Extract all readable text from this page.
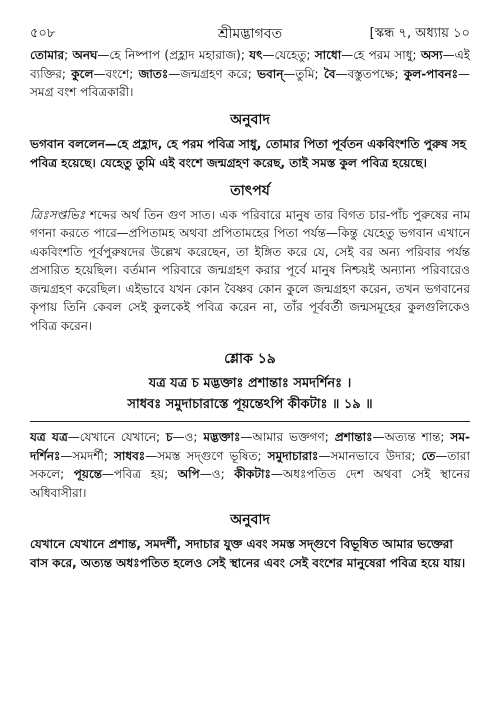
৫০৮	শ্রীমদ্ভাগবত	[স্কন্ধ ৭, অধ্যায় ১০

তোমার; অনঘ—হে নিষ্পাপ (প্রহ্লাদ মহারাজ); যৎ—যেহেতু; সাধো—হে পরম সাধু; অস্য—এই ব্যক্তির; কুলে—বংশে; জাতঃ—জন্মগ্রহণ করে; ভবান্—তুমি; বৈ—বস্তুতপক্ষে; কুল-পাবনঃ—সমগ্র বংশ পবিত্রকারী।

অনুবাদ

ভগবান বললেন—হে প্রহ্লাদ, হে পরম পবিত্র সাধু, তোমার পিতা পূর্বতন একবিংশতি পুরুষ সহ পবিত্র হয়েছে। যেহেতু তুমি এই বংশে জন্মগ্রহণ করেছ, তাই সমস্ত কুল পবিত্র হয়েছে।

তাৎপর্য

ত্রিঃসপ্তভিঃ শব্দের অর্থ তিন গুণ সাত। এক পরিবারে মানুষ তার বিগত চার-পাঁচ পুরুষের নাম গণনা করতে পারে—প্রপিতামহ অথবা প্রপিতামহের পিতা পর্যন্ত—কিন্তু যেহেতু ভগবান এখানে একবিংশতি পূর্বপুরুষদের উল্লেখ করেছেন, তা ইঙ্গিত করে যে, সেই বর অন্য পরিবার পর্যন্ত প্রসারিত হয়েছিল। বর্তমান পরিবারে জন্মগ্রহণ করার পূর্বে মানুষ নিশ্চয়ই অন্যান্য পরিবারেও জন্মগ্রহণ করেছিল। এইভাবে যখন কোন বৈষ্ণব কোন কুলে জন্মগ্রহণ করেন, তখন ভগবানের কৃপায় তিনি কেবল সেই কুলকেই পবিত্র করেন না, তাঁর পূর্ববর্তী জন্মসমূহের কুলগুলিকেও পবিত্র করেন।

শ্লোক ১৯
যত্র যত্র চ মদ্ভক্তাঃ প্রশান্তাঃ সমদর্শিনঃ ।
সাধবঃ সমুদাচারাস্তে পূয়ন্তেঽপি কীকটাঃ ॥ ১৯ ॥

যত্র যত্র—যেখানে যেখানে; চ—ও; মদ্ভক্তাঃ—আমার ভক্তগণ; প্রশান্তাঃ—অত্যন্ত শান্ত; সম-দর্শিনঃ—সমদর্শী; সাধবঃ—সমস্ত সদ্গুণে ভূষিত; সমুদাচারাঃ—সমানভাবে উদার; তে—তারা সকলে; পূয়ন্তে—পবিত্র হয়; অপি—ও; কীকটাঃ—অধঃপতিত দেশ অথবা সেই স্থানের অধিবাসীরা।

অনুবাদ

যেখানে যেখানে প্রশান্ত, সমদর্শী, সদাচার যুক্ত এবং সমস্ত সদ্গুণে বিভূষিত আমার ভক্তেরা বাস করে, অত্যন্ত অধঃপতিত হলেও সেই স্থানের এবং সেই বংশের মানুষেরা পবিত্র হয়ে যায়।
